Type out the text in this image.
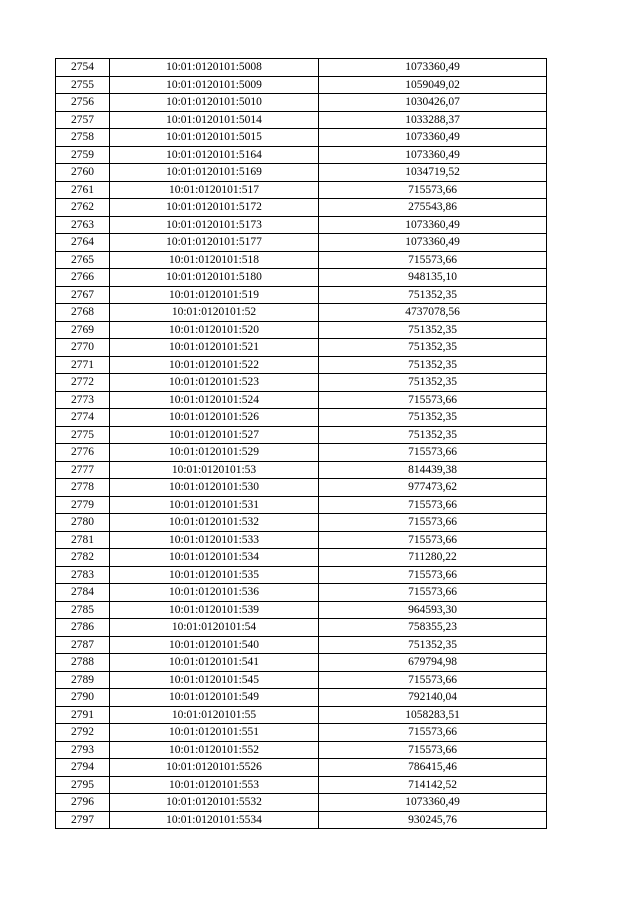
2754	10:01:0120101:5008	1073360,49
2755	10:01:0120101:5009	1059049,02
2756	10:01:0120101:5010	1030426,07
2757	10:01:0120101:5014	1033288,37
2758	10:01:0120101:5015	1073360,49
2759	10:01:0120101:5164	1073360,49
2760	10:01:0120101:5169	1034719,52
2761	10:01:0120101:517	715573,66
2762	10:01:0120101:5172	275543,86
2763	10:01:0120101:5173	1073360,49
2764	10:01:0120101:5177	1073360,49
2765	10:01:0120101:518	715573,66
2766	10:01:0120101:5180	948135,10
2767	10:01:0120101:519	751352,35
2768	10:01:0120101:52	4737078,56
2769	10:01:0120101:520	751352,35
2770	10:01:0120101:521	751352,35
2771	10:01:0120101:522	751352,35
2772	10:01:0120101:523	751352,35
2773	10:01:0120101:524	715573,66
2774	10:01:0120101:526	751352,35
2775	10:01:0120101:527	751352,35
2776	10:01:0120101:529	715573,66
2777	10:01:0120101:53	814439,38
2778	10:01:0120101:530	977473,62
2779	10:01:0120101:531	715573,66
2780	10:01:0120101:532	715573,66
2781	10:01:0120101:533	715573,66
2782	10:01:0120101:534	711280,22
2783	10:01:0120101:535	715573,66
2784	10:01:0120101:536	715573,66
2785	10:01:0120101:539	964593,30
2786	10:01:0120101:54	758355,23
2787	10:01:0120101:540	751352,35
2788	10:01:0120101:541	679794,98
2789	10:01:0120101:545	715573,66
2790	10:01:0120101:549	792140,04
2791	10:01:0120101:55	1058283,51
2792	10:01:0120101:551	715573,66
2793	10:01:0120101:552	715573,66
2794	10:01:0120101:5526	786415,46
2795	10:01:0120101:553	714142,52
2796	10:01:0120101:5532	1073360,49
2797	10:01:0120101:5534	930245,76
